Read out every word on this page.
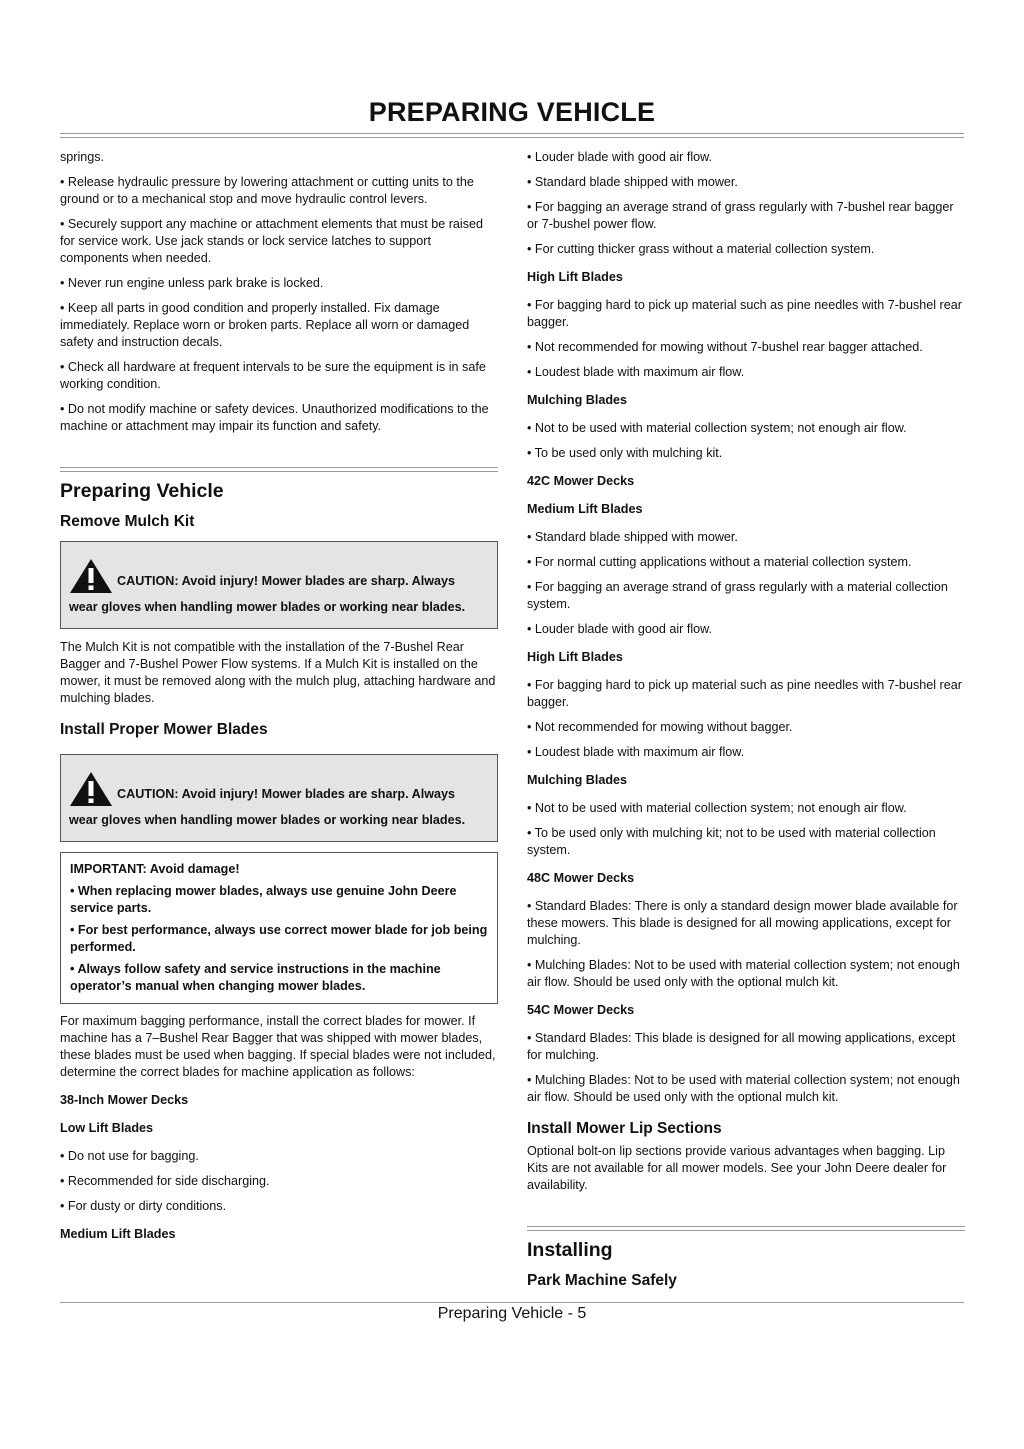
PREPARING VEHICLE

springs.

• Release hydraulic pressure by lowering attachment or cutting units to the ground or to a mechanical stop and move hydraulic control levers.

• Securely support any machine or attachment elements that must be raised for service work. Use jack stands or lock service latches to support components when needed.

• Never run engine unless park brake is locked.

• Keep all parts in good condition and properly installed. Fix damage immediately. Replace worn or broken parts. Replace all worn or damaged safety and instruction decals.

• Check all hardware at frequent intervals to be sure the equipment is in safe working condition.

• Do not modify machine or safety devices. Unauthorized modifications to the machine or attachment may impair its function and safety.

Preparing Vehicle
Remove Mulch Kit
CAUTION: Avoid injury! Mower blades are sharp. Always
wear gloves when handling mower blades or working near blades.

The Mulch Kit is not compatible with the installation of the 7-Bushel Rear Bagger and 7-Bushel Power Flow systems. If a Mulch Kit is installed on the mower, it must be removed along with the mulch plug, attaching hardware and mulching blades.

Install Proper Mower Blades
CAUTION: Avoid injury! Mower blades are sharp. Always
wear gloves when handling mower blades or working near blades.

IMPORTANT: Avoid damage!

• When replacing mower blades, always use genuine John Deere service parts.

• For best performance, always use correct mower blade for job being performed.

• Always follow safety and service instructions in the machine operator’s manual when changing mower blades.

For maximum bagging performance, install the correct blades for mower. If machine has a 7–Bushel Rear Bagger that was shipped with mower blades, these blades must be used when bagging. If special blades were not included, determine the correct blades for machine application as follows:

38-Inch Mower Decks
Low Lift Blades

• Do not use for bagging.

• Recommended for side discharging.

• For dusty or dirty conditions.

Medium Lift Blades

• Louder blade with good air flow.

• Standard blade shipped with mower.

• For bagging an average strand of grass regularly with 7-bushel rear bagger or 7-bushel power flow.

• For cutting thicker grass without a material collection system.

High Lift Blades

• For bagging hard to pick up material such as pine needles with 7-bushel rear bagger.

• Not recommended for mowing without 7-bushel rear bagger attached.

• Loudest blade with maximum air flow.

Mulching Blades

• Not to be used with material collection system; not enough air flow.

• To be used only with mulching kit.

42C Mower Decks
Medium Lift Blades

• Standard blade shipped with mower.

• For normal cutting applications without a material collection system.

• For bagging an average strand of grass regularly with a material collection system.

• Louder blade with good air flow.

High Lift Blades

• For bagging hard to pick up material such as pine needles with 7-bushel rear bagger.

• Not recommended for mowing without bagger.

• Loudest blade with maximum air flow.

Mulching Blades

• Not to be used with material collection system; not enough air flow.

• To be used only with mulching kit; not to be used with material collection system.

48C Mower Decks

• Standard Blades: There is only a standard design mower blade available for these mowers. This blade is designed for all mowing applications, except for mulching.

• Mulching Blades: Not to be used with material collection system; not enough air flow. Should be used only with the optional mulch kit.

54C Mower Decks

• Standard Blades: This blade is designed for all mowing applications, except for mulching.

• Mulching Blades: Not to be used with material collection system; not enough air flow. Should be used only with the optional mulch kit.

Install Mower Lip Sections

Optional bolt-on lip sections provide various advantages when bagging. Lip Kits are not available for all mower models. See your John Deere dealer for availability.

Installing
Park Machine Safely
Preparing Vehicle - 5
